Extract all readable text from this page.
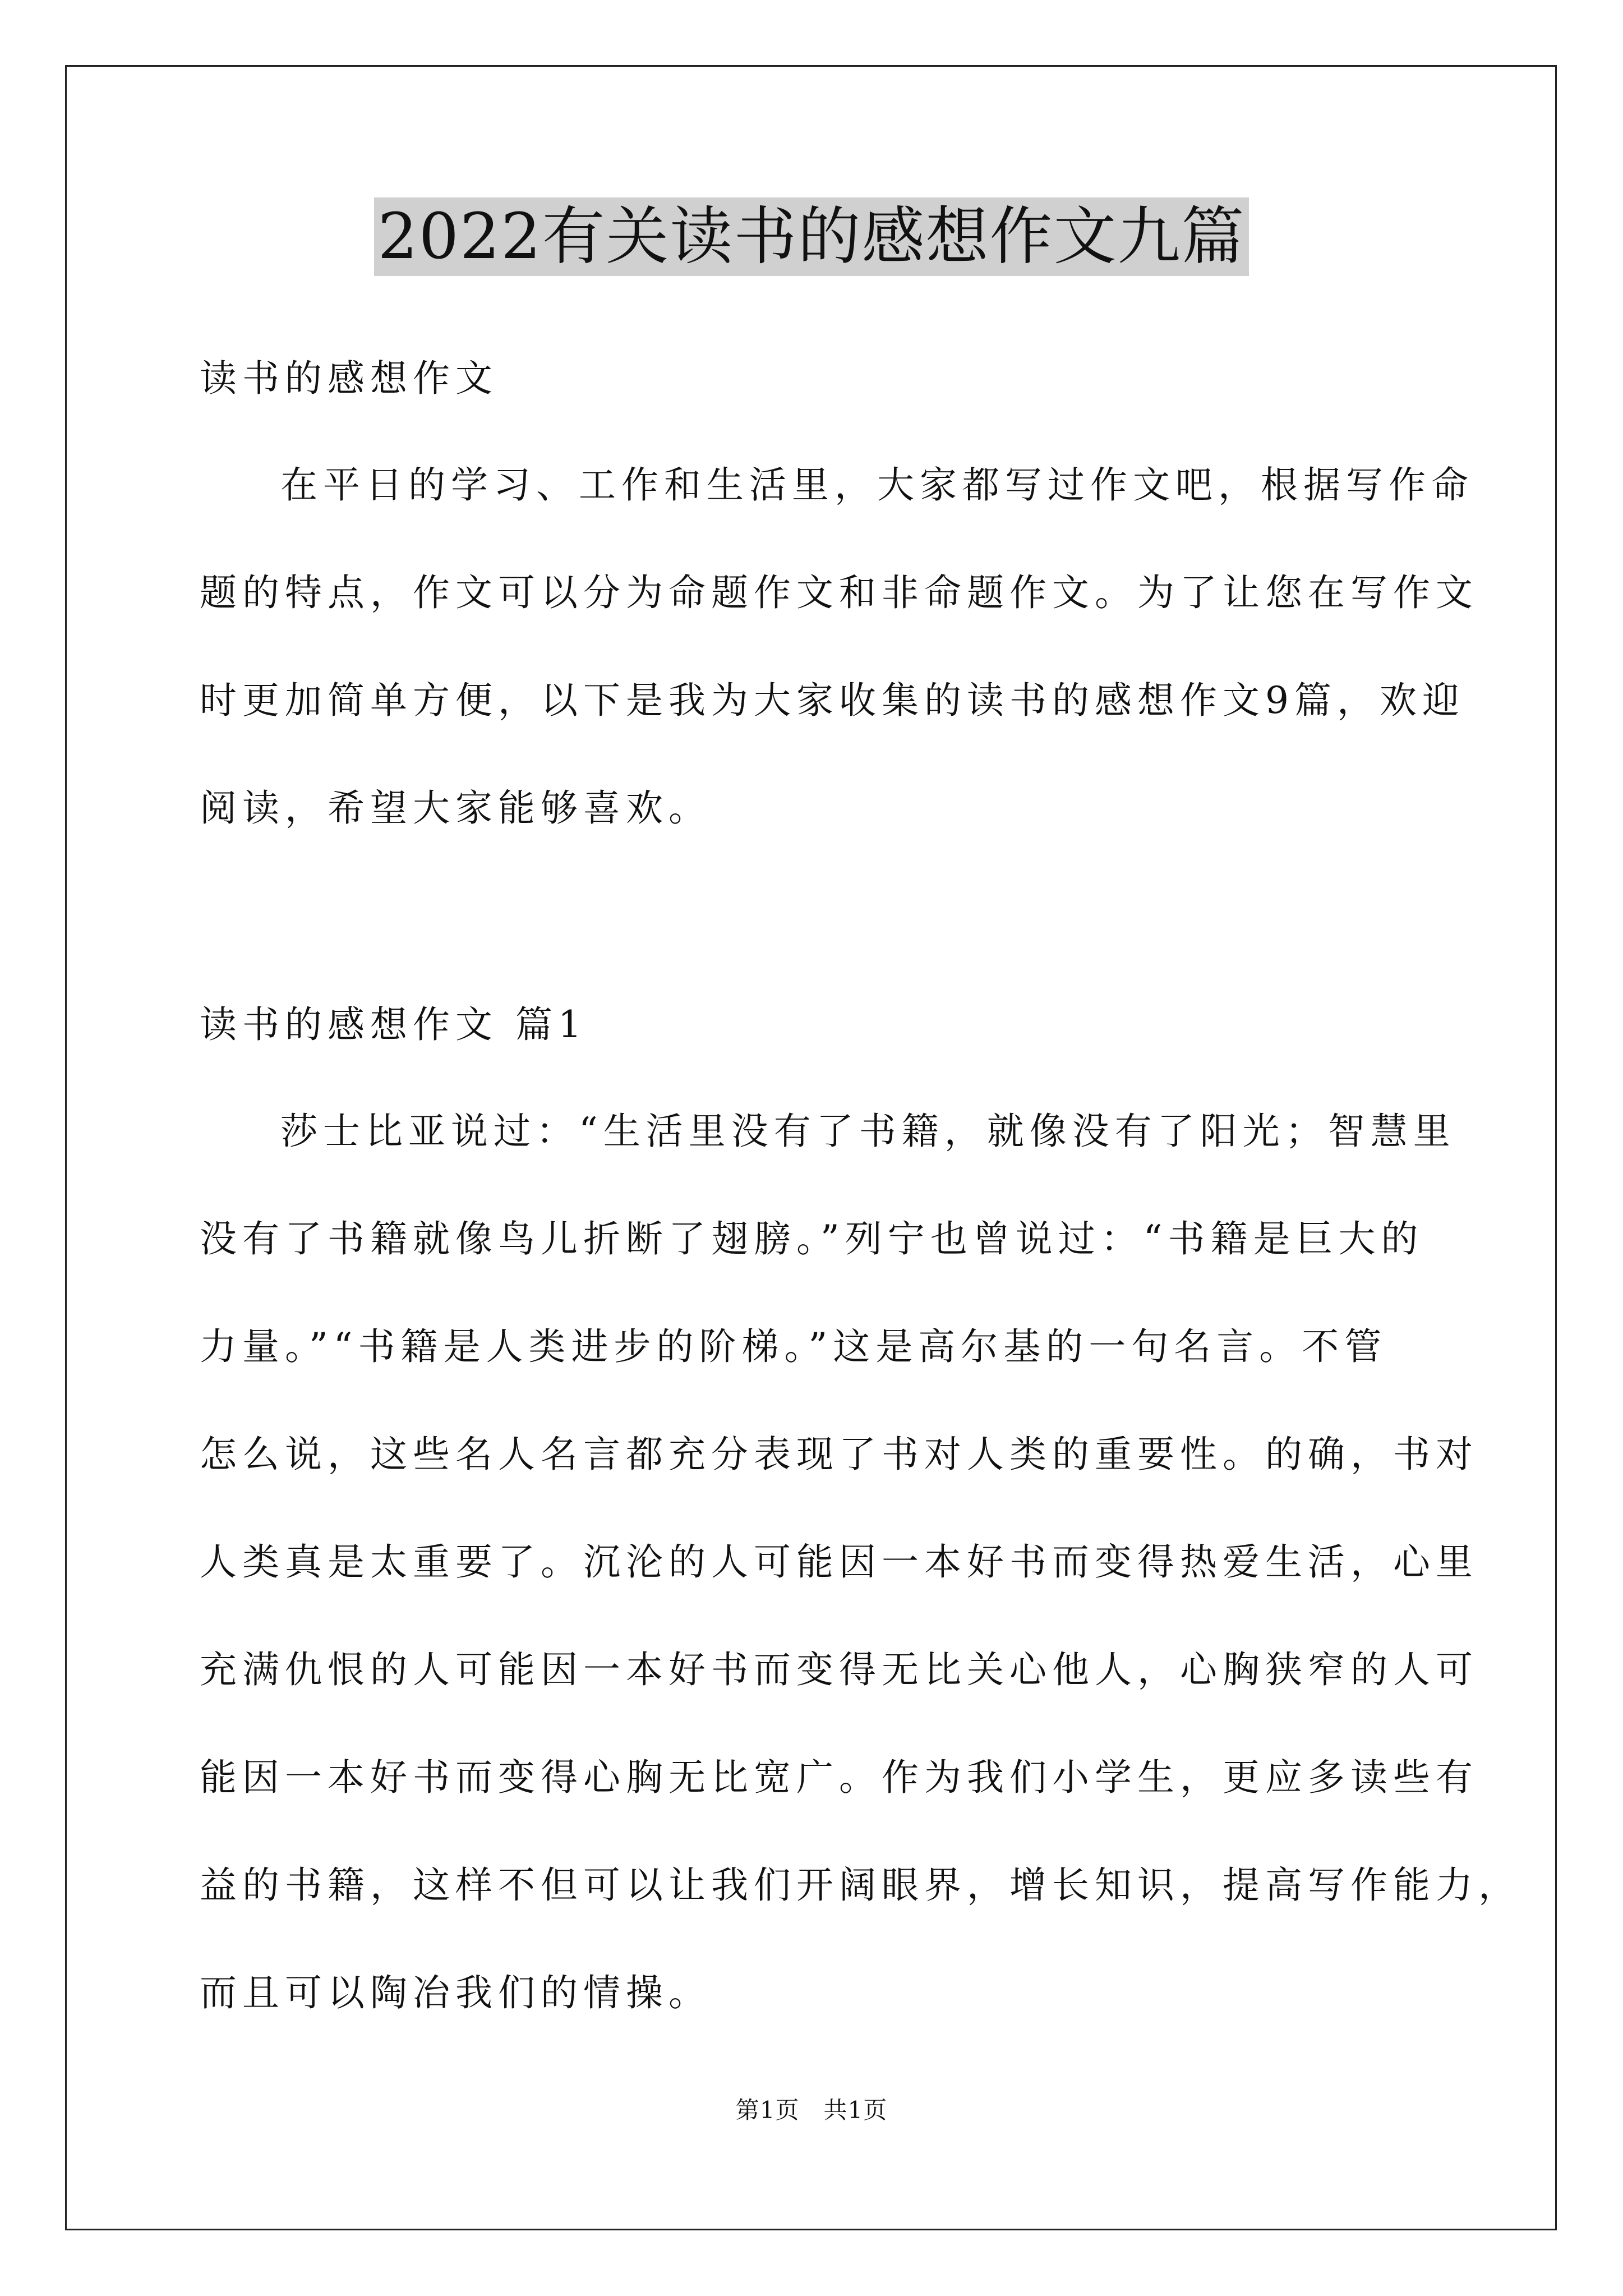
2022有关读书的感想作文九篇
读书的感想作文
在平日的学习、工作和生活里，大家都写过作文吧，根据写作命
题的特点，作文可以分为命题作文和非命题作文。为了让您在写作文
时更加简单方便，以下是我为大家收集的读书的感想作文9篇，欢迎
阅读，希望大家能够喜欢。
读书的感想作文 篇1
莎士比亚说过：“生活里没有了书籍，就像没有了阳光；智慧里
没有了书籍就像鸟儿折断了翅膀。”列宁也曾说过：“书籍是巨大的
力量。”“书籍是人类进步的阶梯。”这是高尔基的一句名言。不管
怎么说，这些名人名言都充分表现了书对人类的重要性。的确，书对
人类真是太重要了。沉沦的人可能因一本好书而变得热爱生活，心里
充满仇恨的人可能因一本好书而变得无比关心他人，心胸狭窄的人可
能因一本好书而变得心胸无比宽广。作为我们小学生，更应多读些有
益的书籍，这样不但可以让我们开阔眼界，增长知识，提高写作能力，
而且可以陶冶我们的情操。
第1页   共1页
